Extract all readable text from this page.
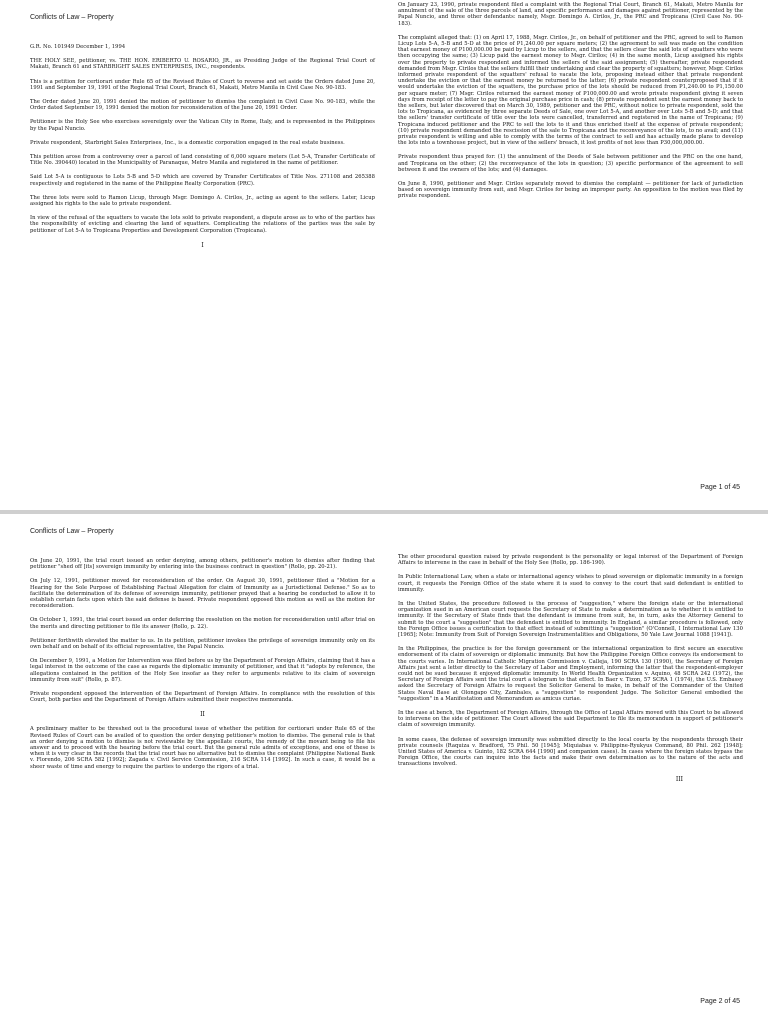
Conflicts of Law – Property

G.R. No. 101949 December 1, 1994

THE HOLY SEE, petitioner, vs. THE HON. ERIBERTO U. ROSARIO, JR., as Presiding Judge of the Regional Trial Court of Makati, Branch 61 and STARBRIGHT SALES ENTERPRISES, INC., respondents.

This is a petition for certiorari under Rule 65 of the Revised Rules of Court to reverse and set aside the Orders dated June 20, 1991 and September 19, 1991 of the Regional Trial Court, Branch 61, Makati, Metro Manila in Civil Case No. 90-183.

The Order dated June 20, 1991 denied the motion of petitioner to dismiss the complaint in Civil Case No. 90-183, while the Order dated September 19, 1991 denied the motion for reconsideration of the June 20, 1991 Order.

Petitioner is the Holy See who exercises sovereignty over the Vatican City in Rome, Italy, and is represented in the Philippines by the Papal Nuncio.

Private respondent, Starbright Sales Enterprises, Inc., is a domestic corporation engaged in the real estate business.

This petition arose from a controversy over a parcel of land consisting of 6,000 square meters (Lot 5-A, Transfer Certificate of Title No. 390440) located in the Municipality of Paranaque, Metro Manila and registered in the name of petitioner.

Said Lot 5-A is contiguous to Lots 5-B and 5-D which are covered by Transfer Certificates of Title Nos. 271108 and 265388 respectively and registered in the name of the Philippine Realty Corporation (PRC).

The three lots were sold to Ramon Licup, through Msgr. Domingo A. Cirilos, Jr., acting as agent to the sellers. Later, Licup assigned his rights to the sale to private respondent.

In view of the refusal of the squatters to vacate the lots sold to private respondent, a dispute arose as to who of the parties has the responsibility of evicting and clearing the land of squatters. Complicating the relations of the parties was the sale by petitioner of Lot 5-A to Tropicana Properties and Development Corporation (Tropicana).

I

On January 23, 1990, private respondent filed a complaint with the Regional Trial Court, Branch 61, Makati, Metro Manila for annulment of the sale of the three parcels of land, and specific performance and damages against petitioner, represented by the Papal Nuncio, and three other defendants: namely, Msgr. Domingo A. Cirilos, Jr., the PRC and Tropicana (Civil Case No. 90-183).

The complaint alleged that: (1) on April 17, 1988, Msgr. Cirilos, Jr., on behalf of petitioner and the PRC, agreed to sell to Ramon Licup Lots 5-A, 5-B and 5-D at the price of P1,240.00 per square meters; (2) the agreement to sell was made on the condition that earnest money of P100,000.00 be paid by Licup to the sellers, and that the sellers clear the said lots of squatters who were then occupying the same; (3) Licup paid the earnest money to Msgr. Cirilos; (4) in the same month, Licup assigned his rights over the property to private respondent and informed the sellers of the said assignment; (5) thereafter, private respondent demanded from Msgr. Cirilos that the sellers fulfill their undertaking and clear the property of squatters; however, Msgr. Cirilos informed private respondent of the squatters' refusal to vacate the lots, proposing instead either that private respondent undertake the eviction or that the earnest money be returned to the latter; (6) private respondent counterproposed that if it would undertake the eviction of the squatters, the purchase price of the lots should be reduced from P1,240.00 to P1,150.00 per square meter; (7) Msgr. Cirilos returned the earnest money of P100,000.00 and wrote private respondent giving it seven days from receipt of the letter to pay the original purchase price in cash; (8) private respondent sent the earnest money back to the sellers, but later discovered that on March 30, 1989, petitioner and the PRC, without notice to private respondent, sold the lots to Tropicana, as evidenced by three separate Deeds of Sale, one over Lot 5-A, and another over Lots 5-B and 5-D; and that the sellers' transfer certificate of title over the lots were cancelled, transferred and registered in the name of Tropicana; (9) Tropicana induced petitioner and the PRC to sell the lots to it and thus enriched itself at the expense of private respondent; (10) private respondent demanded the rescission of the sale to Tropicana and the reconveyance of the lots, to no avail; and (11) private respondent is willing and able to comply with the terms of the contract to sell and has actually made plans to develop the lots into a townhouse project, but in view of the sellers' breach, it lost profits of not less than P30,000,000.00.

Private respondent thus prayed for: (1) the annulment of the Deeds of Sale between petitioner and the PRC on the one hand, and Tropicana on the other; (2) the reconveyance of the lots in question; (3) specific performance of the agreement to sell between it and the owners of the lots; and (4) damages.

On June 8, 1990, petitioner and Msgr. Cirilos separately moved to dismiss the complaint — petitioner for lack of jurisdiction based on sovereign immunity from suit, and Msgr. Cirilos for being an improper party. An opposition to the motion was filed by private respondent.

Page 1 of 45
Conflicts of Law – Property

On June 20, 1991, the trial court issued an order denying, among others, petitioner's motion to dismiss after finding that petitioner "shed off [its] sovereign immunity by entering into the business contract in question" (Rollo, pp. 20-21).

On July 12, 1991, petitioner moved for reconsideration of the order. On August 30, 1991, petitioner filed a "Motion for a Hearing for the Sole Purpose of Establishing Factual Allegation for claim of Immunity as a Jurisdictional Defense." So as to facilitate the determination of its defense of sovereign immunity, petitioner prayed that a hearing be conducted to allow it to establish certain facts upon which the said defense is based. Private respondent opposed this motion as well as the motion for reconsideration.

On October 1, 1991, the trial court issued an order deferring the resolution on the motion for reconsideration until after trial on the merits and directing petitioner to file its answer (Rollo, p. 22).

Petitioner forthwith elevated the matter to us. In its petition, petitioner invokes the privilege of sovereign immunity only on its own behalf and on behalf of its official representative, the Papal Nuncio.

On December 9, 1991, a Motion for Intervention was filed before us by the Department of Foreign Affairs, claiming that it has a legal interest in the outcome of the case as regards the diplomatic immunity of petitioner, and that it "adopts by reference, the allegations contained in the petition of the Holy See insofar as they refer to arguments relative to its claim of sovereign immunity from suit" (Rollo, p. 87).

Private respondent opposed the intervention of the Department of Foreign Affairs. In compliance with the resolution of this Court, both parties and the Department of Foreign Affairs submitted their respective memoranda.

II

A preliminary matter to be threshed out is the procedural issue of whether the petition for certiorari under Rule 65 of the Revised Rules of Court can be availed of to question the order denying petitioner's motion to dismiss. The general rule is that an order denying a motion to dismiss is not reviewable by the appellate courts, the remedy of the movant being to file his answer and to proceed with the hearing before the trial court. But the general rule admits of exceptions, and one of these is when it is very clear in the records that the trial court has no alternative but to dismiss the complaint (Philippine National Bank v. Florendo, 206 SCRA 582 [1992]; Zagada v. Civil Service Commission, 216 SCRA 114 [1992]. In such a case, it would be a sheer waste of time and energy to require the parties to undergo the rigors of a trial.

The other procedural question raised by private respondent is the personality or legal interest of the Department of Foreign Affairs to intervene in the case in behalf of the Holy See (Rollo, pp. 186-190).

In Public International Law, when a state or international agency wishes to plead sovereign or diplomatic immunity in a foreign court, it requests the Foreign Office of the state where it is sued to convey to the court that said defendant is entitled to immunity.

In the United States, the procedure followed is the process of "suggestion," where the foreign state or the international organization sued in an American court requests the Secretary of State to make a determination as to whether it is entitled to immunity. If the Secretary of State finds that the defendant is immune from suit, he, in turn, asks the Attorney General to submit to the court a "suggestion" that the defendant is entitled to immunity. In England, a similar procedure is followed, only the Foreign Office issues a certification to that effect instead of submitting a "suggestion" (O'Connell, I International Law 130 [1965]; Note: Immunity from Suit of Foreign Sovereign Instrumentalities and Obligations, 50 Yale Law Journal 1088 [1941]).

In the Philippines, the practice is for the foreign government or the international organization to first secure an executive endorsement of its claim of sovereign or diplomatic immunity. But how the Philippine Foreign Office conveys its endorsement to the courts varies. In International Catholic Migration Commission v. Calleja, 190 SCRA 130 (1990), the Secretary of Foreign Affairs just sent a letter directly to the Secretary of Labor and Employment, informing the latter that the respondent-employer could not be sued because it enjoyed diplomatic immunity. In World Health Organization v. Aquino, 48 SCRA 242 (1972), the Secretary of Foreign Affairs sent the trial court a telegram to that effect. In Baer v. Tizon, 57 SCRA 1 (1974), the U.S. Embassy asked the Secretary of Foreign Affairs to request the Solicitor General to make, in behalf of the Commander of the United States Naval Base at Olongapo City, Zambales, a "suggestion" to respondent Judge. The Solicitor General embodied the "suggestion" in a Manifestation and Memorandum as amicus curiae.

In the case at bench, the Department of Foreign Affairs, through the Office of Legal Affairs moved with this Court to be allowed to intervene on the side of petitioner. The Court allowed the said Department to file its memorandum in support of petitioner's claim of sovereign immunity.

In some cases, the defense of sovereign immunity was submitted directly to the local courts by the respondents through their private counsels (Raquiza v. Bradford, 75 Phil. 50 [1945]; Miquiabas v. Philippine-Ryukyus Command, 80 Phil. 262 [1948]; United States of America v. Guinto, 182 SCRA 644 [1990] and companion cases). In cases where the foreign states bypass the Foreign Office, the courts can inquire into the facts and make their own determination as to the nature of the acts and transactions involved.

III
Page 2 of 45
